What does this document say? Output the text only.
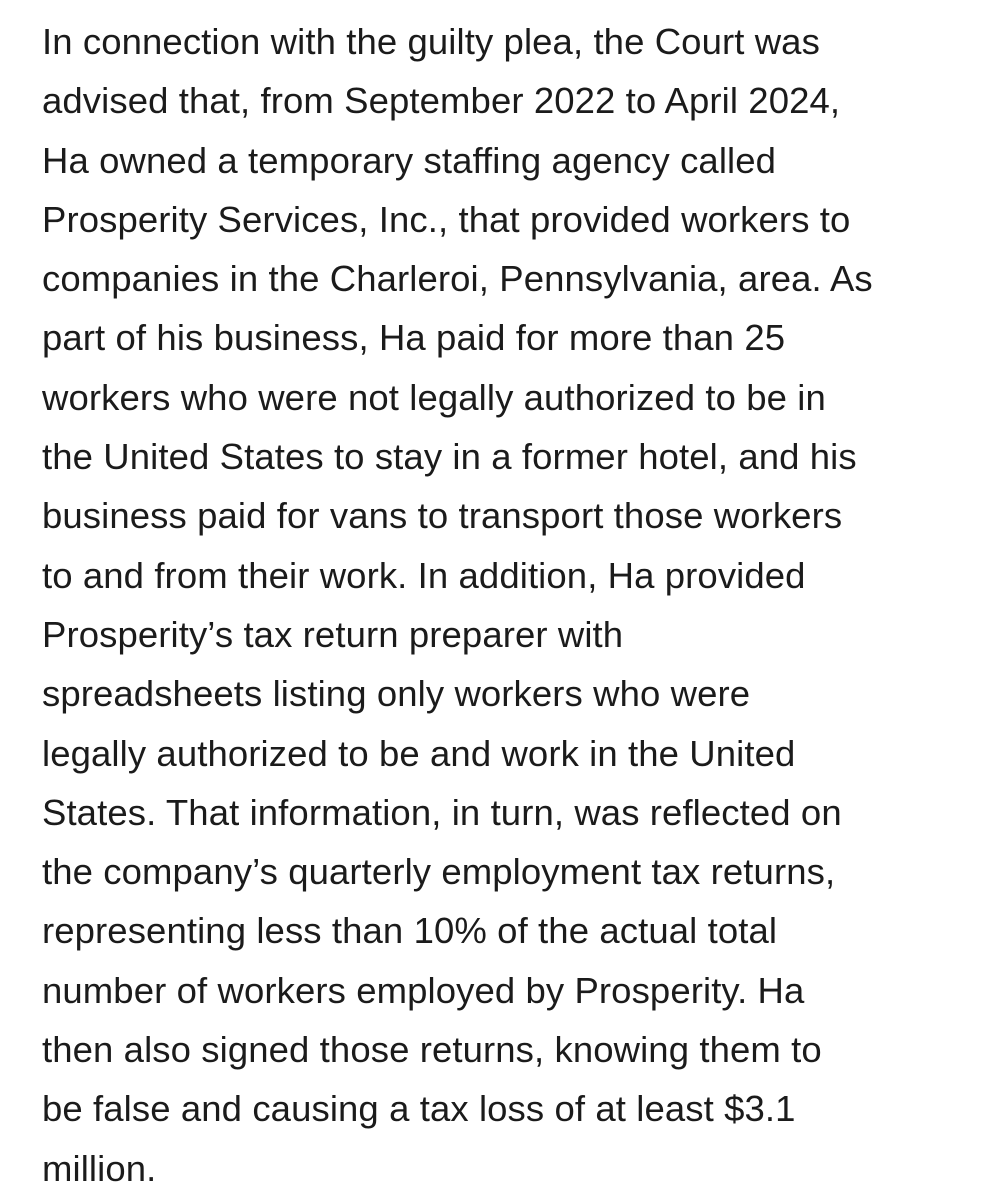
In connection with the guilty plea, the Court was
advised that, from September 2022 to April 2024,
Ha owned a temporary staffing agency called
Prosperity Services, Inc., that provided workers to
companies in the Charleroi, Pennsylvania, area. As
part of his business, Ha paid for more than 25
workers who were not legally authorized to be in
the United States to stay in a former hotel, and his
business paid for vans to transport those workers
to and from their work. In addition, Ha provided
Prosperity’s tax return preparer with
spreadsheets listing only workers who were
legally authorized to be and work in the United
States. That information, in turn, was reflected on
the company’s quarterly employment tax returns,
representing less than 10% of the actual total
number of workers employed by Prosperity. Ha
then also signed those returns, knowing them to
be false and causing a tax loss of at least $3.1
million.
